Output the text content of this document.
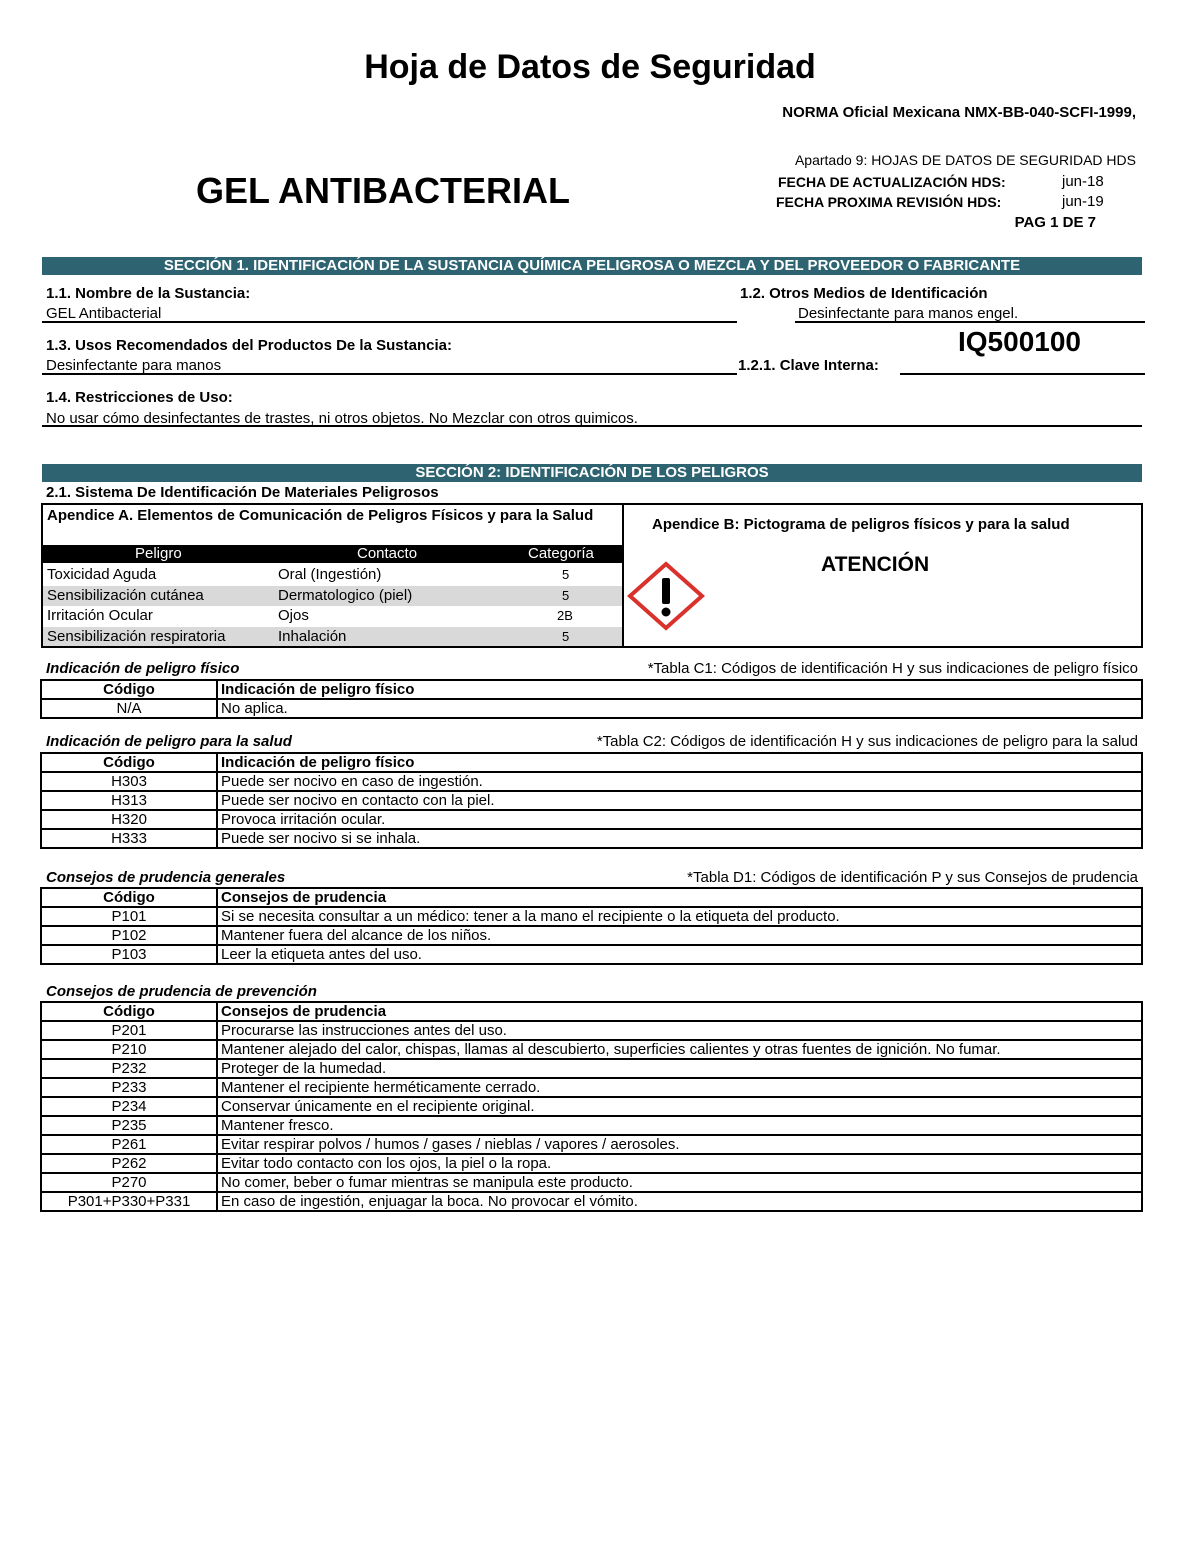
Hoja de Datos de Seguridad
NORMA Oficial Mexicana NMX-BB-040-SCFI-1999,
GEL ANTIBACTERIAL
Apartado 9: HOJAS DE DATOS DE SEGURIDAD HDS
FECHA DE ACTUALIZACIÓN HDS:	jun-18
FECHA PROXIMA REVISIÓN HDS:	jun-19
PAG 1 DE 7
SECCIÓN 1. IDENTIFICACIÓN DE LA SUSTANCIA QUÍMICA PELIGROSA O MEZCLA Y DEL PROVEEDOR O FABRICANTE
1.1. Nombre de la Sustancia:
GEL Antibacterial
1.2. Otros Medios de Identificación
Desinfectante para manos engel.
1.3. Usos Recomendados del Productos De la Sustancia:
Desinfectante para manos	1.2.1. Clave Interna:
IQ500100
1.4. Restricciones de Uso:
No usar cómo desinfectantes de trastes, ni otros objetos. No Mezclar con otros quimicos.
SECCIÓN 2: IDENTIFICACIÓN DE LOS PELIGROS
2.1. Sistema De Identificación De Materiales Peligrosos
Apendice A. Elementos de Comunicación de Peligros Físicos y para la Salud
Peligro	Contacto	Categoría
Toxicidad Aguda	Oral (Ingestión)	5
Sensibilización cutánea	Dermatologico (piel)	5
Irritación Ocular	Ojos	2B
Sensibilización respiratoria	Inhalación	5
Apendice B: Pictograma de peligros físicos y para la salud
ATENCIÓN
Indicación de peligro físico	*Tabla C1: Códigos de identificación H y sus indicaciones de peligro físico
Código	Indicación de peligro físico
N/A	No aplica.
Indicación de peligro para la salud	*Tabla C2: Códigos de identificación H y sus indicaciones de peligro para la salud
Código	Indicación de peligro físico
H303	Puede ser nocivo en caso de ingestión.
H313	Puede ser nocivo en contacto con la piel.
H320	Provoca irritación ocular.
H333	Puede ser nocivo si se inhala.
Consejos de prudencia generales	*Tabla D1: Códigos de identificación P y sus Consejos de prudencia
Código	Consejos de prudencia
P101	Si se necesita consultar a un médico: tener a la mano el recipiente o la etiqueta del producto.
P102	Mantener fuera del alcance de los niños.
P103	Leer la etiqueta antes del uso.
Consejos de prudencia de prevención
Código	Consejos de prudencia
P201	Procurarse las instrucciones antes del uso.
P210	Mantener alejado del calor, chispas, llamas al descubierto, superficies calientes y otras fuentes de ignición. No fumar.
P232	Proteger de la humedad.
P233	Mantener el recipiente herméticamente cerrado.
P234	Conservar únicamente en el recipiente original.
P235	Mantener fresco.
P261	Evitar respirar polvos / humos / gases / nieblas / vapores / aerosoles.
P262	Evitar todo contacto con los ojos, la piel o la ropa.
P270	No comer, beber o fumar mientras se manipula este producto.
P301+P330+P331	En caso de ingestión, enjuagar la boca. No provocar el vómito.
